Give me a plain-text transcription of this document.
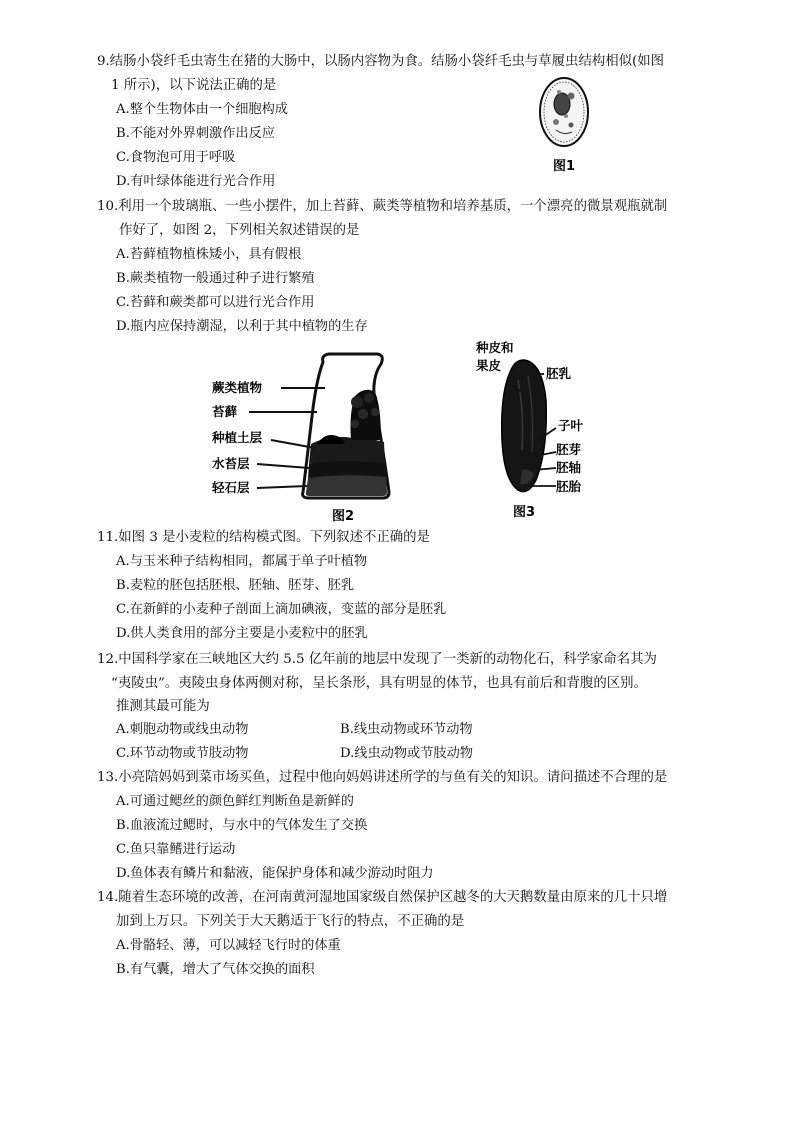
9.结肠小袋纤毛虫寄生在猪的大肠中，以肠内容物为食。结肠小袋纤毛虫与草履虫结构相似(如图
1 所示)，以下说法正确的是
A.整个生物体由一个细胞构成
B.不能对外界刺激作出反应
C.食物泡可用于呼吸
D.有叶绿体能进行光合作用
图1
10.利用一个玻璃瓶、一些小摆件，加上苔藓、蕨类等植物和培养基质，一个漂亮的微景观瓶就制
作好了，如图 2，下列相关叙述错误的是
A.苔藓植物植株矮小，具有假根
B.蕨类植物一般通过种子进行繁殖
C.苔藓和蕨类都可以进行光合作用
D.瓶内应保持潮湿，以利于其中植物的生存
蕨类植物
苔藓
种植土层
水苔层
轻石层
图2
种皮和
果皮
胚乳
子叶
胚芽
胚轴
胚胎
图3
11.如图 3 是小麦粒的结构模式图。下列叙述不正确的是
A.与玉米种子结构相同，都属于单子叶植物
B.麦粒的胚包括胚根、胚轴、胚芽、胚乳
C.在新鲜的小麦种子剖面上滴加碘液，变蓝的部分是胚乳
D.供人类食用的部分主要是小麦粒中的胚乳
12.中国科学家在三峡地区大约 5.5 亿年前的地层中发现了一类新的动物化石，科学家命名其为
“夷陵虫”。夷陵虫身体两侧对称，呈长条形，具有明显的体节，也具有前后和背腹的区别。
推测其最可能为
A.刺胞动物或线虫动物	B.线虫动物或环节动物
C.环节动物或节肢动物	D.线虫动物或节肢动物
13.小亮陪妈妈到菜市场买鱼，过程中他向妈妈讲述所学的与鱼有关的知识。请问描述不合理的是
A.可通过鳃丝的颜色鲜红判断鱼是新鲜的
B.血液流过鳃时，与水中的气体发生了交换
C.鱼只靠鳍进行运动
D.鱼体表有鳞片和黏液，能保护身体和减少游动时阻力
14.随着生态环境的改善，在河南黄河湿地国家级自然保护区越冬的大天鹅数量由原来的几十只增
加到上万只。下列关于大天鹅适于飞行的特点，不正确的是
A.骨骼轻、薄，可以减轻飞行时的体重
B.有气囊，增大了气体交换的面积
